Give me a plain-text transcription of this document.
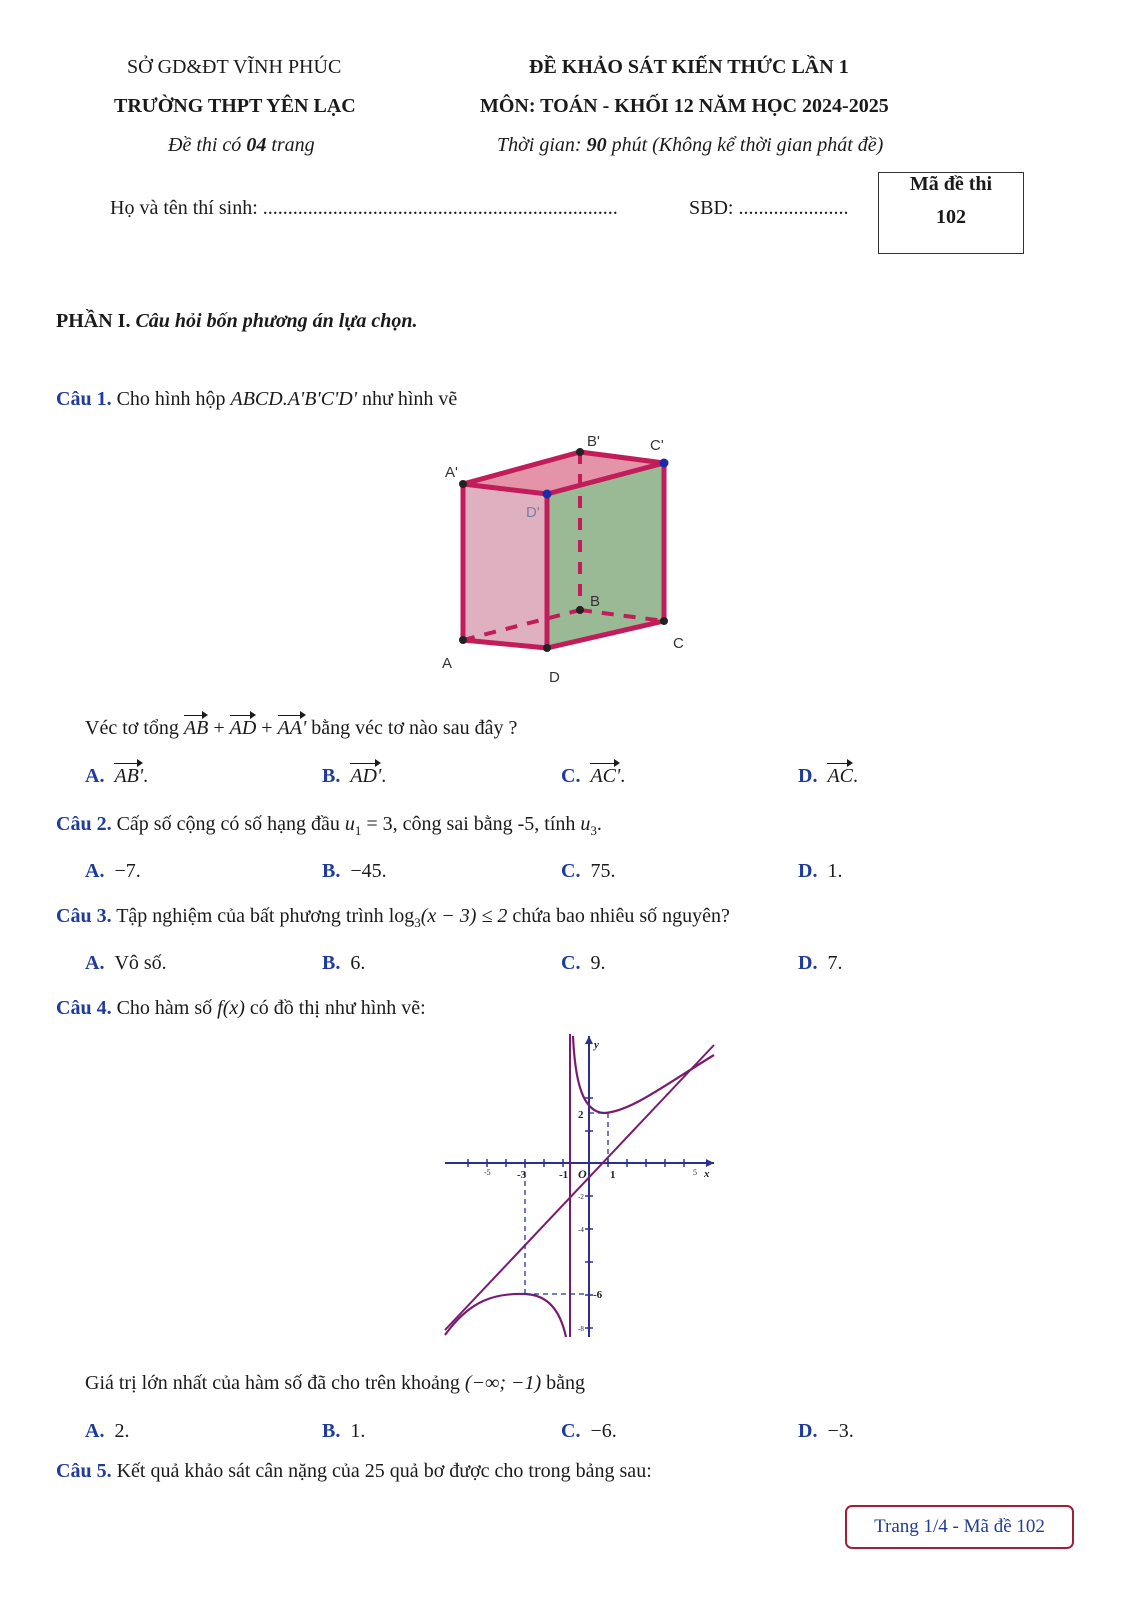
SỞ GD&ĐT VĨNH PHÚC
TRƯỜNG THPT YÊN LẠC
Đề thi có 04 trang
ĐỀ KHẢO SÁT KIẾN THỨC LẦN 1
MÔN: TOÁN - KHỐI 12 NĂM HỌC 2024-2025
Thời gian: 90 phút (Không kể thời gian phát đề)
Họ và tên thí sinh: .......................................................................	SBD: ......................
Mã đề thi
102
PHẦN I. Câu hỏi bốn phương án lựa chọn.
Câu 1. Cho hình hộp ABCD.A'B'C'D' như hình vẽ
A'
D'
B'	C'
A
D
B
C
Véc tơ tổng AB + AD + AA' bằng véc tơ nào sau đây ?
A. AB'.	B. AD'.	C. AC'.	D. AC.
Câu 2. Cấp số cộng có số hạng đầu $u_1 = 3$, công sai bằng -5, tính $u_3$.
A. −7.	B. −45.	C. 75.	D. 1.
Câu 3. Tập nghiệm của bất phương trình $\log_3(x - 3) \le 2$ chứa bao nhiêu số nguyên?
A. Vô số.	B. 6.	C. 9.	D. 7.
Câu 4. Cho hàm số f(x) có đồ thị như hình vẽ:
y
x
O
-5 -3	-1	1	5
2
-2
-4
-6
-8
Giá trị lớn nhất của hàm số đã cho trên khoảng (−∞; −1) bằng
A. 2.	B. 1.	C. −6.	D. −3.
Câu 5. Kết quả khảo sát cân nặng của 25 quả bơ được cho trong bảng sau:
Trang 1/4 - Mã đề 102
